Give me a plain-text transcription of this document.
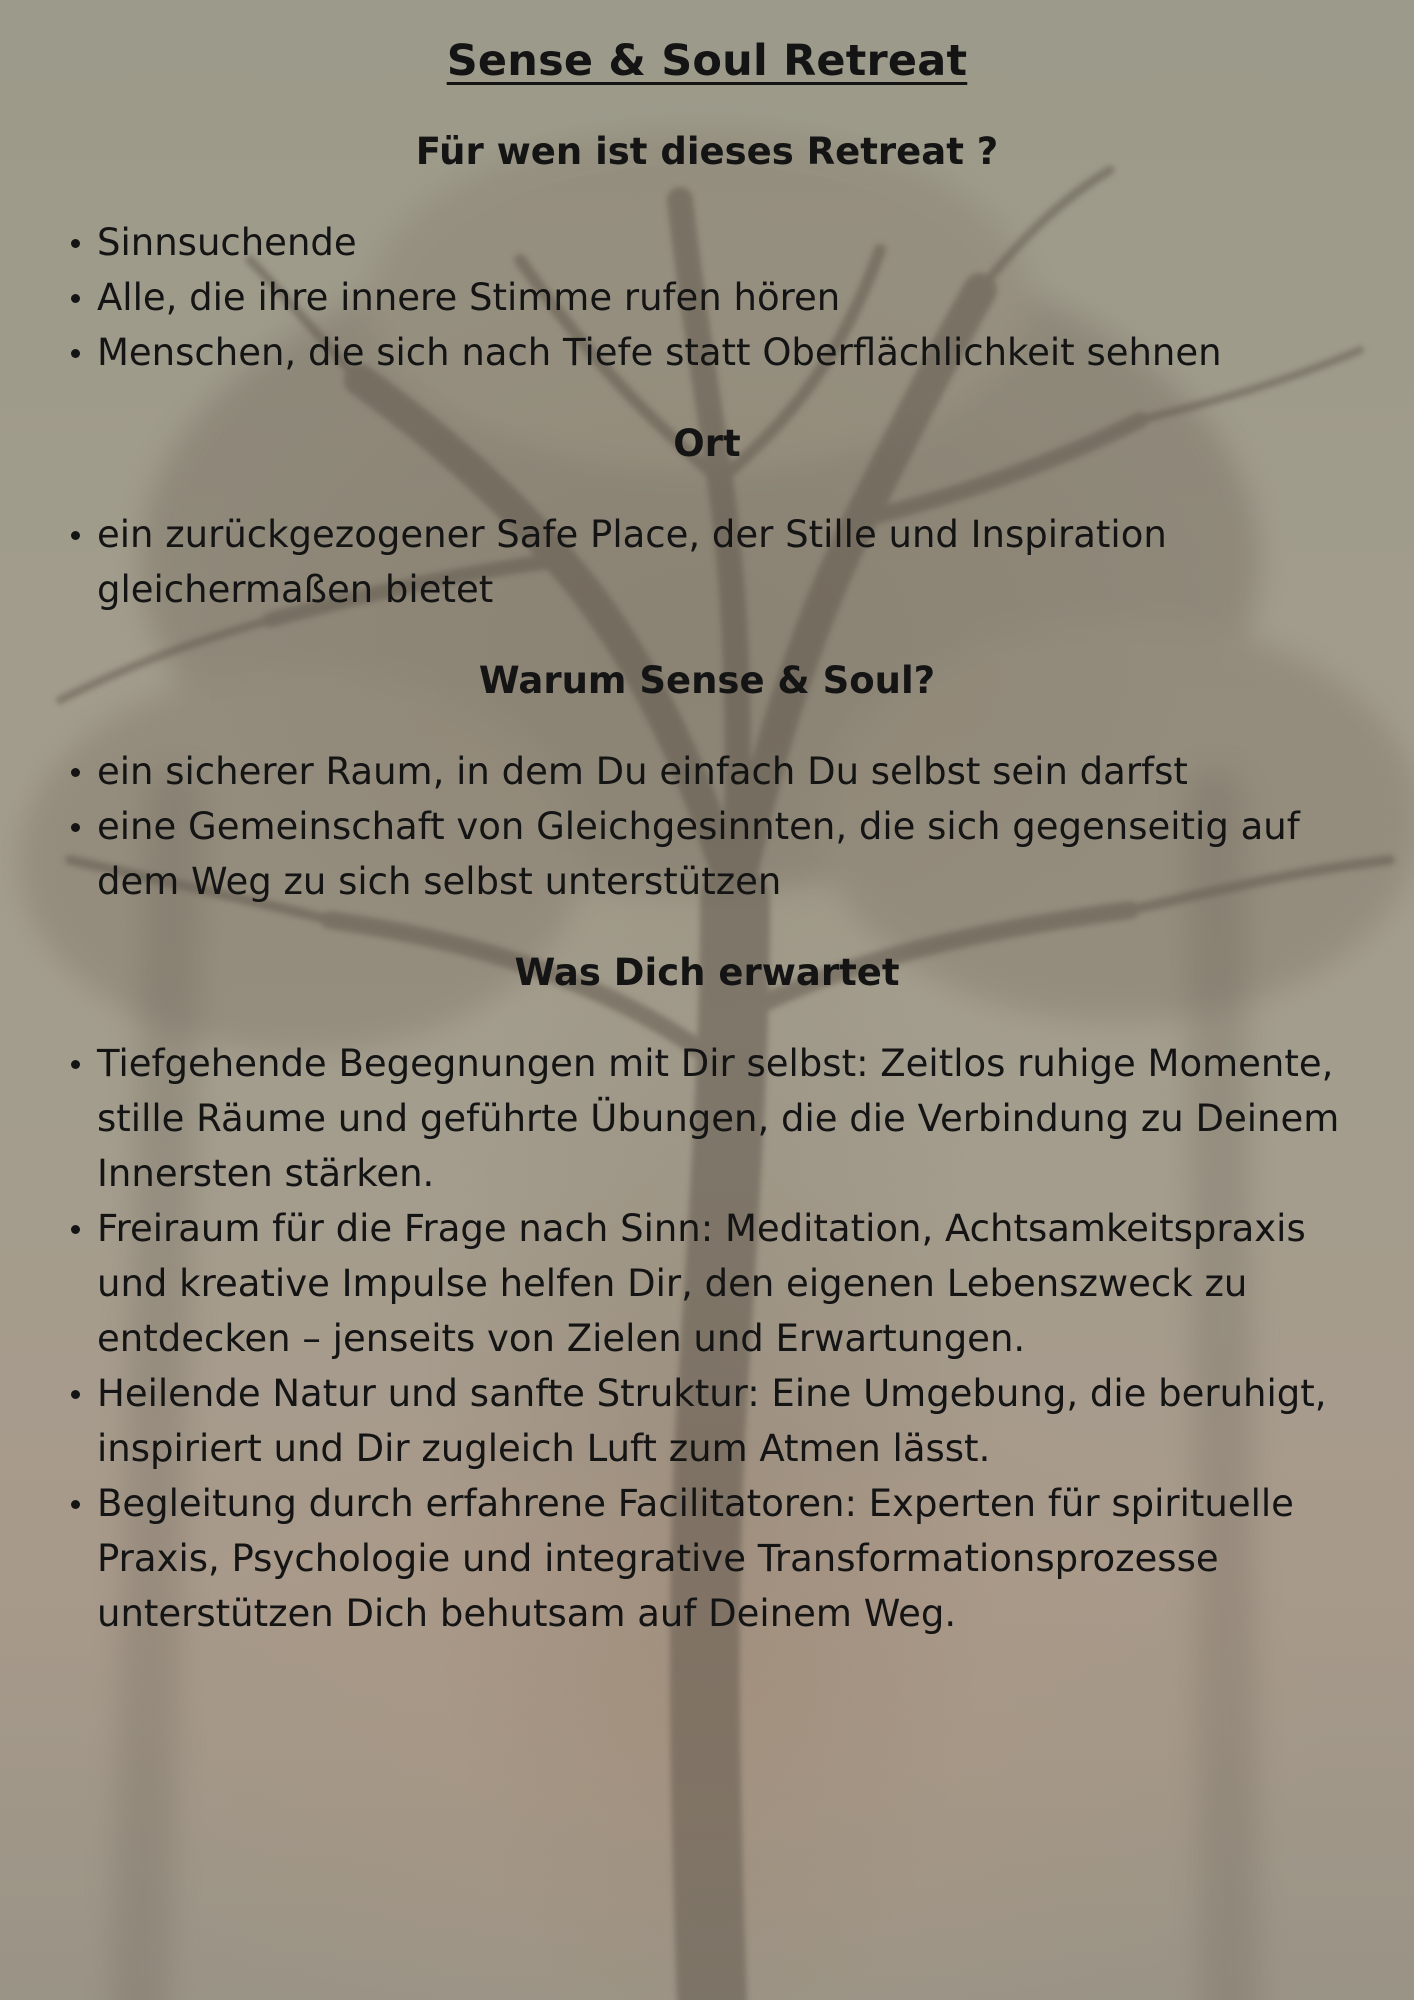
Sense & Soul Retreat
Für wen ist dieses Retreat ?
Sinnsuchende
Alle, die ihre innere Stimme rufen hören
Menschen, die sich nach Tiefe statt Oberflächlichkeit sehnen
Ort
ein zurückgezogener Safe Place, der Stille und Inspiration gleichermaßen bietet
Warum Sense & Soul?
ein sicherer Raum, in dem Du einfach Du selbst sein darfst
eine Gemeinschaft von Gleichgesinnten, die sich gegenseitig auf dem Weg zu sich selbst unterstützen
Was Dich erwartet
Tiefgehende Begegnungen mit Dir selbst: Zeitlos ruhige Momente, stille Räume und geführte Übungen, die die Verbindung zu Deinem Innersten stärken.
Freiraum für die Frage nach Sinn: Meditation, Achtsamkeitspraxis und kreative Impulse helfen Dir, den eigenen Lebenszweck zu entdecken – jenseits von Zielen und Erwartungen.
Heilende Natur und sanfte Struktur: Eine Umgebung, die beruhigt, inspiriert und Dir zugleich Luft zum Atmen lässt.
Begleitung durch erfahrene Facilitatoren: Experten für spirituelle Praxis, Psychologie und integrative Transformationsprozesse unterstützen Dich behutsam auf Deinem Weg.
